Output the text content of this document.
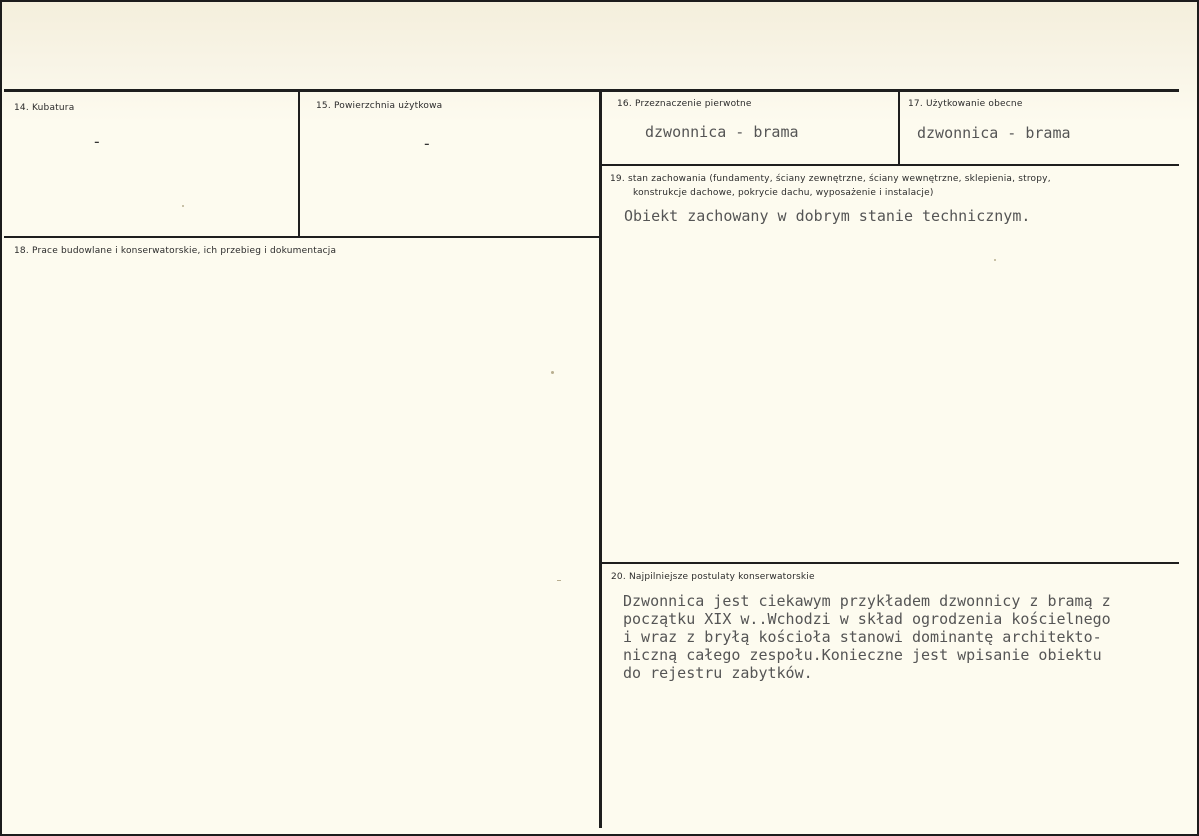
14. Kubatura
-
15. Powierzchnia użytkowa
-
16. Przeznaczenie pierwotne
dzwonnica - brama
17. Użytkowanie obecne
dzwonnica - brama
18. Prace budowlane i konserwatorskie, ich przebieg i dokumentacja
19. stan zachowania (fundamenty, ściany zewnętrzne, ściany wewnętrzne, sklepienia, stropy,
konstrukcje dachowe, pokrycie dachu, wyposażenie i instalacje)
Obiekt zachowany w dobrym stanie technicznym.
20. Najpilniejsze postulaty konserwatorskie
Dzwonnica jest ciekawym przykładem dzwonnicy z bramą z
początku XIX w..Wchodzi w skład ogrodzenia kościelnego
i wraz z bryłą kościoła stanowi dominantę architekto-
niczną całego zespołu.Konieczne jest wpisanie obiektu
do rejestru zabytków.
